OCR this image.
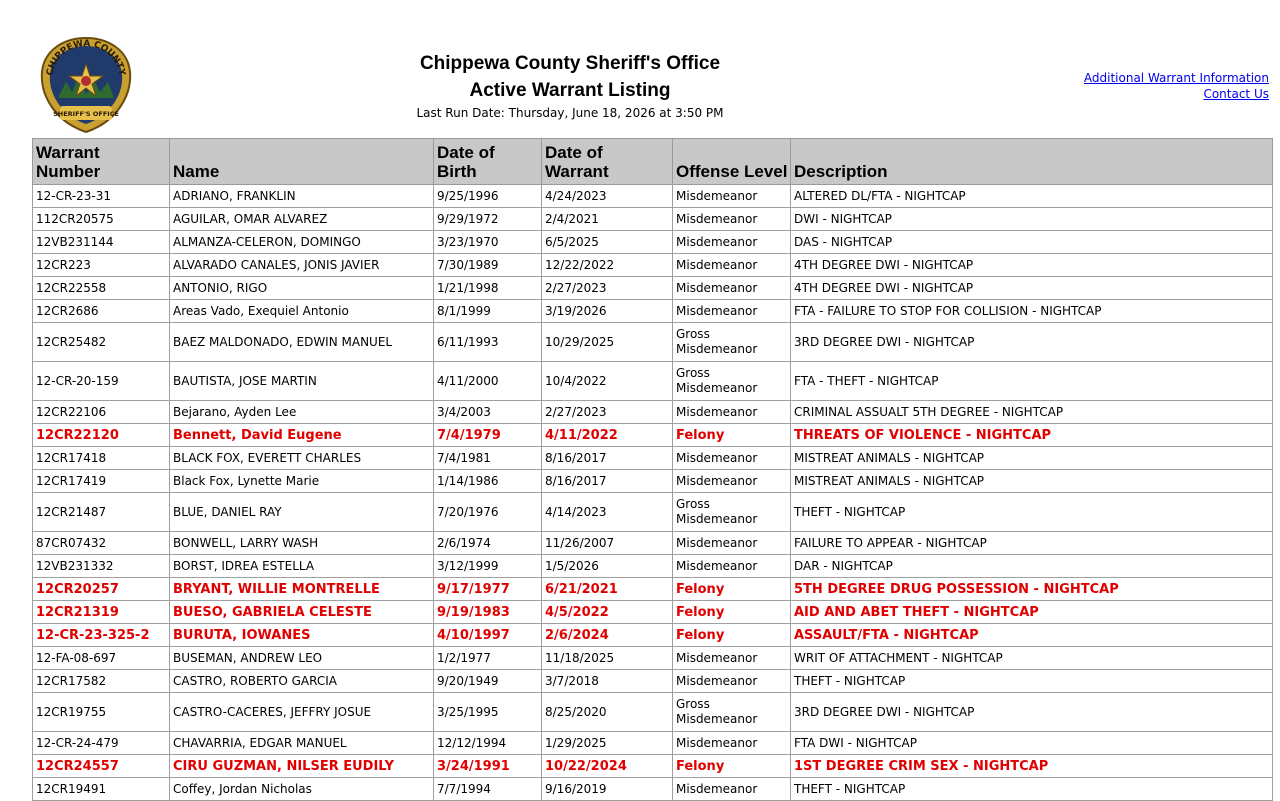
CHIPPEWA COUNTY
SHERIFF'S OFFICE
Chippewa County Sheriff's Office
Active Warrant Listing
Last Run Date: Thursday, June 18, 2026 at 3:50 PM
Additional Warrant Information
Contact Us
Warrant Number	Name	Date of Birth	Date of Warrant	Offense Level	Description
12-CR-23-31	ADRIANO, FRANKLIN	9/25/1996	4/24/2023	Misdemeanor	ALTERED DL/FTA - NIGHTCAP
112CR20575	AGUILAR, OMAR ALVAREZ	9/29/1972	2/4/2021	Misdemeanor	DWI - NIGHTCAP
12VB231144	ALMANZA-CELERON, DOMINGO	3/23/1970	6/5/2025	Misdemeanor	DAS - NIGHTCAP
12CR223	ALVARADO CANALES, JONIS JAVIER	7/30/1989	12/22/2022	Misdemeanor	4TH DEGREE DWI - NIGHTCAP
12CR22558	ANTONIO, RIGO	1/21/1998	2/27/2023	Misdemeanor	4TH DEGREE DWI - NIGHTCAP
12CR2686	Areas Vado, Exequiel Antonio	8/1/1999	3/19/2026	Misdemeanor	FTA - FAILURE TO STOP FOR COLLISION - NIGHTCAP
12CR25482	BAEZ MALDONADO, EDWIN MANUEL	6/11/1993	10/29/2025	Gross Misdemeanor	3RD DEGREE DWI - NIGHTCAP
12-CR-20-159	BAUTISTA, JOSE MARTIN	4/11/2000	10/4/2022	Gross Misdemeanor	FTA - THEFT - NIGHTCAP
12CR22106	Bejarano, Ayden Lee	3/4/2003	2/27/2023	Misdemeanor	CRIMINAL ASSUALT 5TH DEGREE - NIGHTCAP
12CR22120	Bennett, David Eugene	7/4/1979	4/11/2022	Felony	THREATS OF VIOLENCE - NIGHTCAP
12CR17418	BLACK FOX, EVERETT CHARLES	7/4/1981	8/16/2017	Misdemeanor	MISTREAT ANIMALS - NIGHTCAP
12CR17419	Black Fox, Lynette Marie	1/14/1986	8/16/2017	Misdemeanor	MISTREAT ANIMALS - NIGHTCAP
12CR21487	BLUE, DANIEL RAY	7/20/1976	4/14/2023	Gross Misdemeanor	THEFT - NIGHTCAP
87CR07432	BONWELL, LARRY WASH	2/6/1974	11/26/2007	Misdemeanor	FAILURE TO APPEAR - NIGHTCAP
12VB231332	BORST, IDREA ESTELLA	3/12/1999	1/5/2026	Misdemeanor	DAR - NIGHTCAP
12CR20257	BRYANT, WILLIE MONTRELLE	9/17/1977	6/21/2021	Felony	5TH DEGREE DRUG POSSESSION - NIGHTCAP
12CR21319	BUESO, GABRIELA CELESTE	9/19/1983	4/5/2022	Felony	AID AND ABET THEFT - NIGHTCAP
12-CR-23-325-2	BURUTA, IOWANES	4/10/1997	2/6/2024	Felony	ASSAULT/FTA - NIGHTCAP
12-FA-08-697	BUSEMAN, ANDREW LEO	1/2/1977	11/18/2025	Misdemeanor	WRIT OF ATTACHMENT - NIGHTCAP
12CR17582	CASTRO, ROBERTO GARCIA	9/20/1949	3/7/2018	Misdemeanor	THEFT - NIGHTCAP
12CR19755	CASTRO-CACERES, JEFFRY JOSUE	3/25/1995	8/25/2020	Gross Misdemeanor	3RD DEGREE DWI - NIGHTCAP
12-CR-24-479	CHAVARRIA, EDGAR MANUEL	12/12/1994	1/29/2025	Misdemeanor	FTA DWI - NIGHTCAP
12CR24557	CIRU GUZMAN, NILSER EUDILY	3/24/1991	10/22/2024	Felony	1ST DEGREE CRIM SEX - NIGHTCAP
12CR19491	Coffey, Jordan Nicholas	7/7/1994	9/16/2019	Misdemeanor	THEFT - NIGHTCAP
